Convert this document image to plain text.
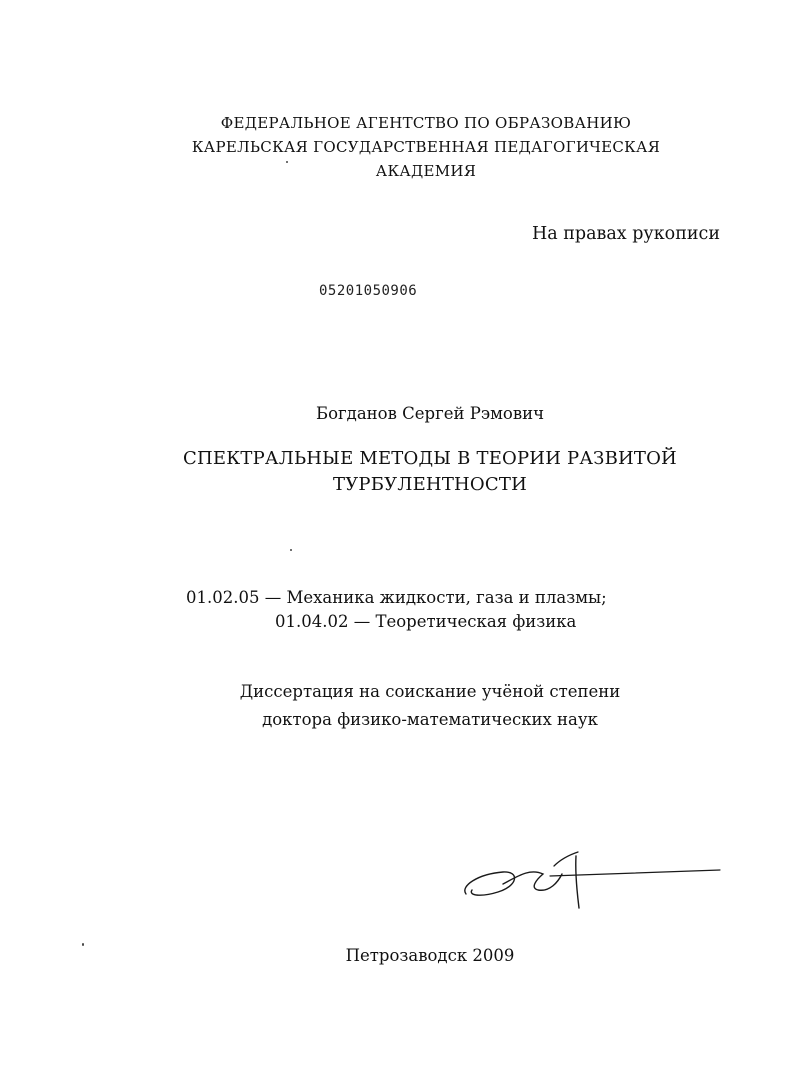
ФЕДЕРАЛЬНОЕ АГЕНТСТВО ПО ОБРАЗОВАНИЮ
КАРЕЛЬСКАЯ ГОСУДАРСТВЕННАЯ ПЕДАГОГИЧЕСКАЯ
АКАДЕМИЯ
На правах рукописи
05201050906
Богданов Сергей Рэмович
СПЕКТРАЛЬНЫЕ МЕТОДЫ В ТЕОРИИ РАЗВИТОЙ
ТУРБУЛЕНТНОСТИ
01.02.05 — Механика жидкости, газа и плазмы;
01.04.02 — Теоретическая физика
Диссертация на соискание учёной степени
доктора физико-математических наук
Петрозаводск 2009
